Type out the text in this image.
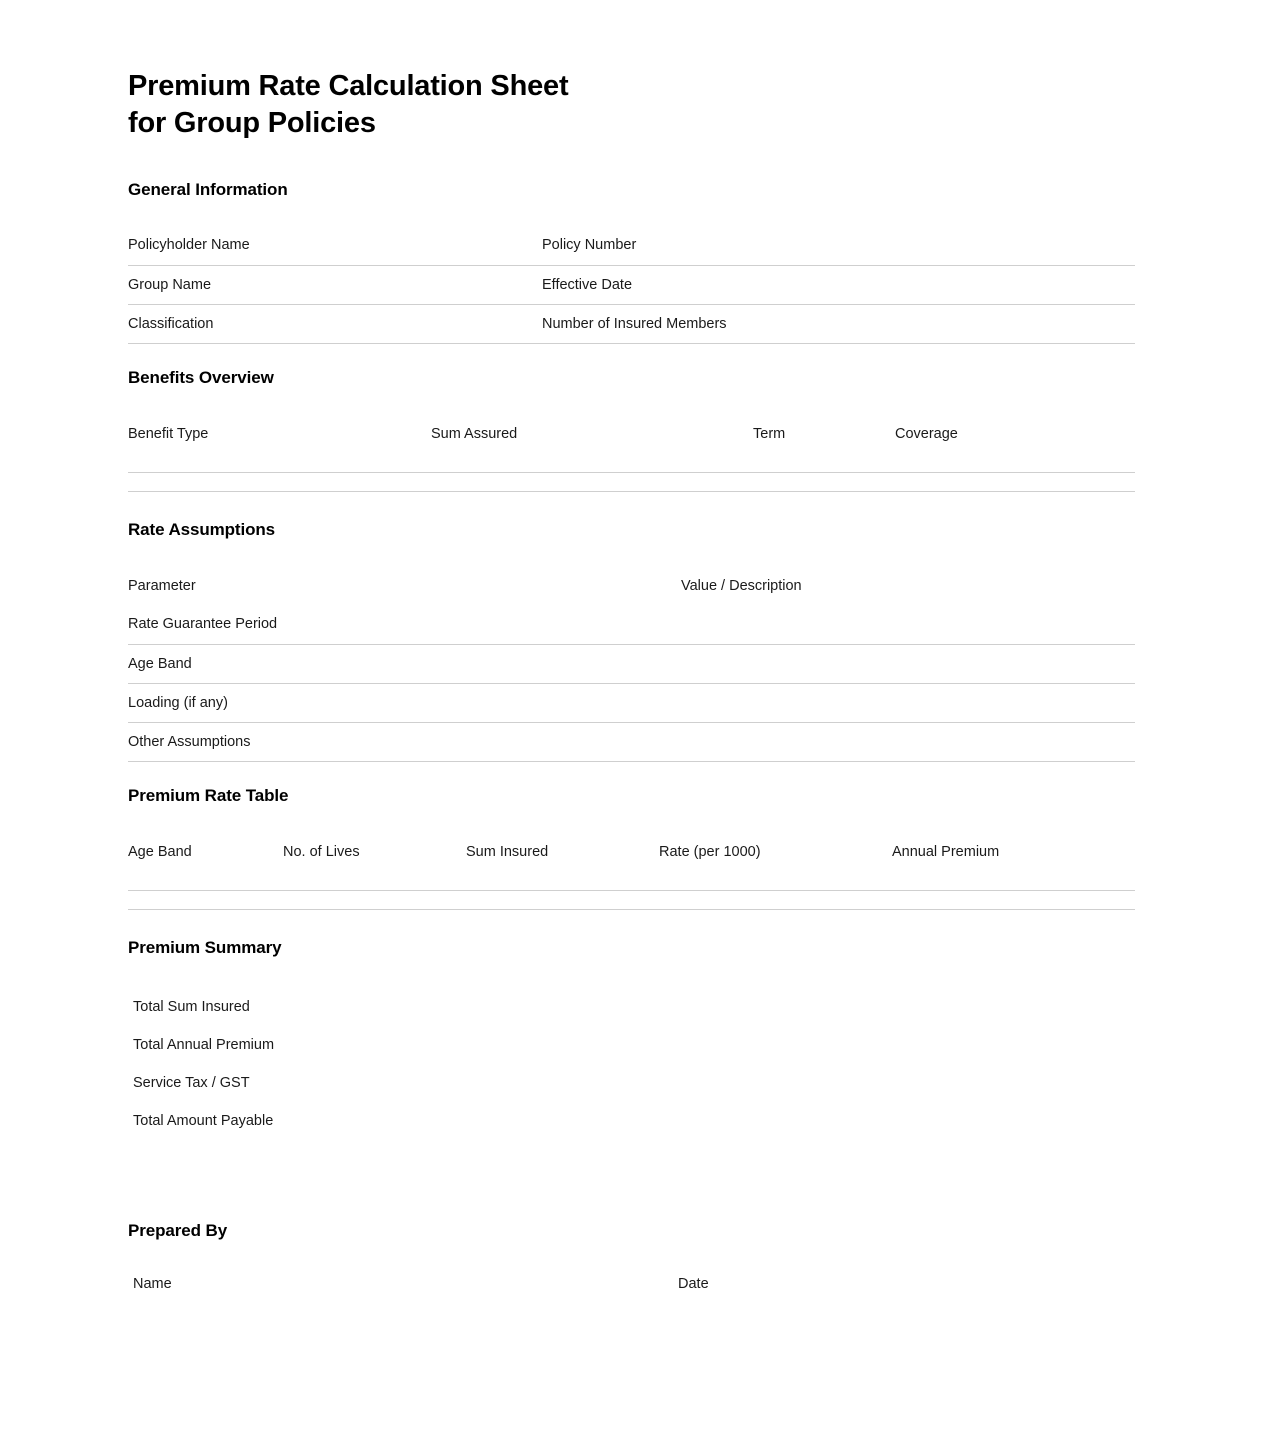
Premium Rate Calculation Sheet
for Group Policies
General Information
Policyholder Name	Policy Number
Group Name	Effective Date
Classification	Number of Insured Members
Benefits Overview
Benefit Type	Sum Assured	Term	Coverage

Rate Assumptions
Parameter	Value / Description
Rate Guarantee Period	
Age Band	
Loading (if any)	
Other Assumptions	
Premium Rate Table
Age Band	No. of Lives	Sum Insured	Rate (per 1000)	Annual Premium

Premium Summary
Total Sum Insured
Total Annual Premium
Service Tax / GST
Total Amount Payable
Prepared By
Name	Date
